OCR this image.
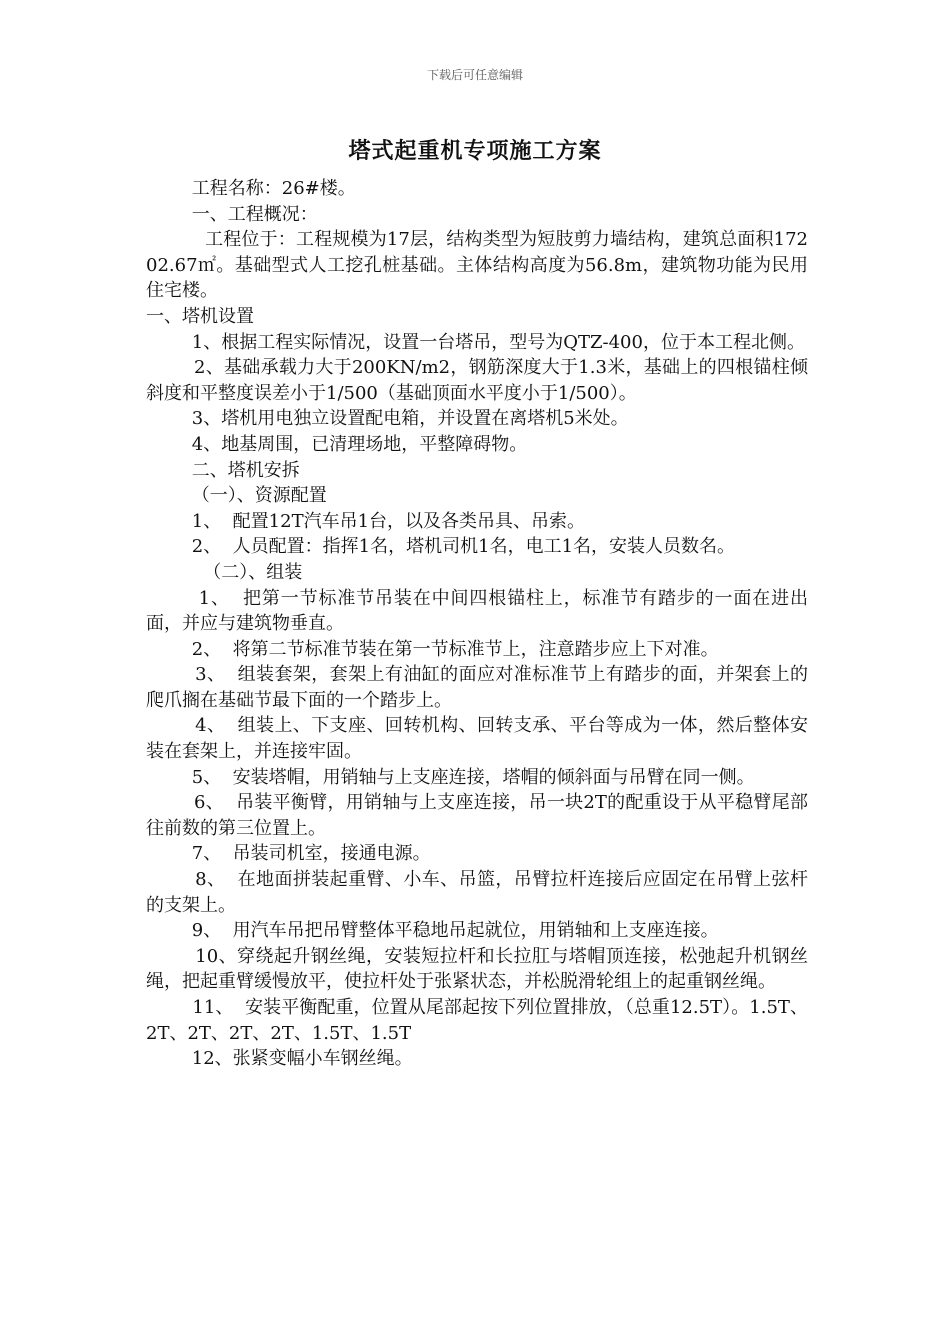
下载后可任意编辑
塔式起重机专项施工方案

工程名称：26#楼。

一、工程概况：

工程位于：工程规模为17层，结构类型为短肢剪力墙结构，建筑总面积17202.67㎡。基础型式人工挖孔桩基础。主体结构高度为56.8m，建筑物功能为民用住宅楼。

一、塔机设置

1、根据工程实际情况，设置一台塔吊，型号为QTZ-400，位于本工程北侧。

2、基础承载力大于200KN/m2，钢筋深度大于1.3米，基础上的四根锚柱倾斜度和平整度误差小于1/500（基础顶面水平度小于1/500）。

3、塔机用电独立设置配电箱，并设置在离塔机5米处。

4、地基周围，已清理场地，平整障碍物。

二、塔机安拆

（一）、资源配置

1、  配置12T汽车吊1台，以及各类吊具、吊索。

2、  人员配置：指挥1名，塔机司机1名，电工1名，安装人员数名。

（二）、组装

1、  把第一节标准节吊装在中间四根锚柱上，标准节有踏步的一面在进出面，并应与建筑物垂直。

2、  将第二节标准节装在第一节标准节上，注意踏步应上下对准。

3、  组装套架，套架上有油缸的面应对准标准节上有踏步的面，并架套上的爬爪搁在基础节最下面的一个踏步上。

4、  组装上、下支座、回转机构、回转支承、平台等成为一体，然后整体安装在套架上，并连接牢固。

5、  安装塔帽，用销轴与上支座连接，塔帽的倾斜面与吊臂在同一侧。

6、  吊装平衡臂，用销轴与上支座连接，吊一块2T的配重设于从平稳臂尾部往前数的第三位置上。

7、  吊装司机室，接通电源。

8、  在地面拼装起重臂、小车、吊篮，吊臂拉杆连接后应固定在吊臂上弦杆的支架上。

9、  用汽车吊把吊臂整体平稳地吊起就位，用销轴和上支座连接。

10、穿绕起升钢丝绳，安装短拉杆和长拉肛与塔帽顶连接，松弛起升机钢丝绳，把起重臂缓慢放平，使拉杆处于张紧状态，并松脱滑轮组上的起重钢丝绳。

11、  安装平衡配重，位置从尾部起按下列位置排放，（总重12.5T）。1.5T、2T、2T、2T、2T、1.5T、1.5T

12、张紧变幅小车钢丝绳。
